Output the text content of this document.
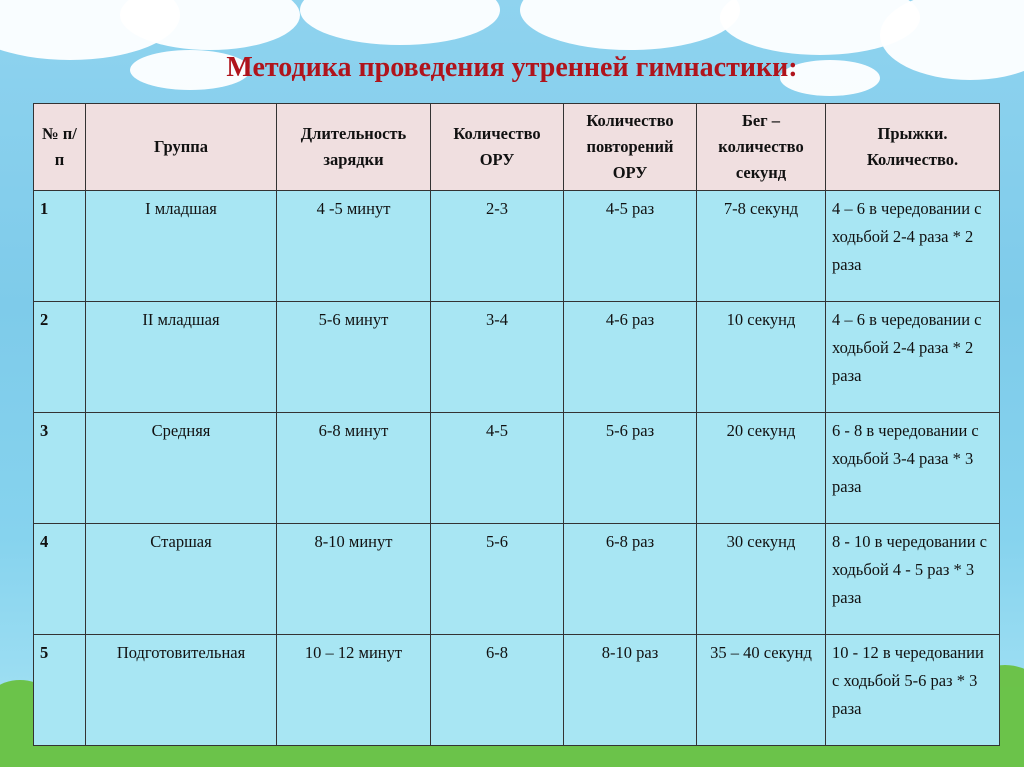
Методика проведения утренней гимнастики:
№ п/п	Группа	Длительность зарядки	Количество ОРУ	Количество повторений ОРУ	Бег – количество секунд	Прыжки. Количество.
1	I младшая	4 -5 минут	2-3	4-5 раз	7-8 секунд	4 – 6 в чередовании с ходьбой 2-4 раза * 2 раза
2	II младшая	5-6 минут	3-4	4-6 раз	10 секунд	4 – 6 в чередовании с ходьбой 2-4 раза * 2 раза
3	Средняя	6-8 минут	4-5	5-6 раз	20 секунд	6 - 8 в чередовании с ходьбой 3-4 раза * 3 раза
4	Старшая	8-10 минут	5-6	6-8 раз	30 секунд	8 - 10 в чередовании с ходьбой 4 - 5 раз * 3 раза
5	Подготовительная	10 – 12 минут	6-8	8-10 раз	35 – 40 секунд	10 - 12 в чередовании с ходьбой 5-6 раз * 3 раза
